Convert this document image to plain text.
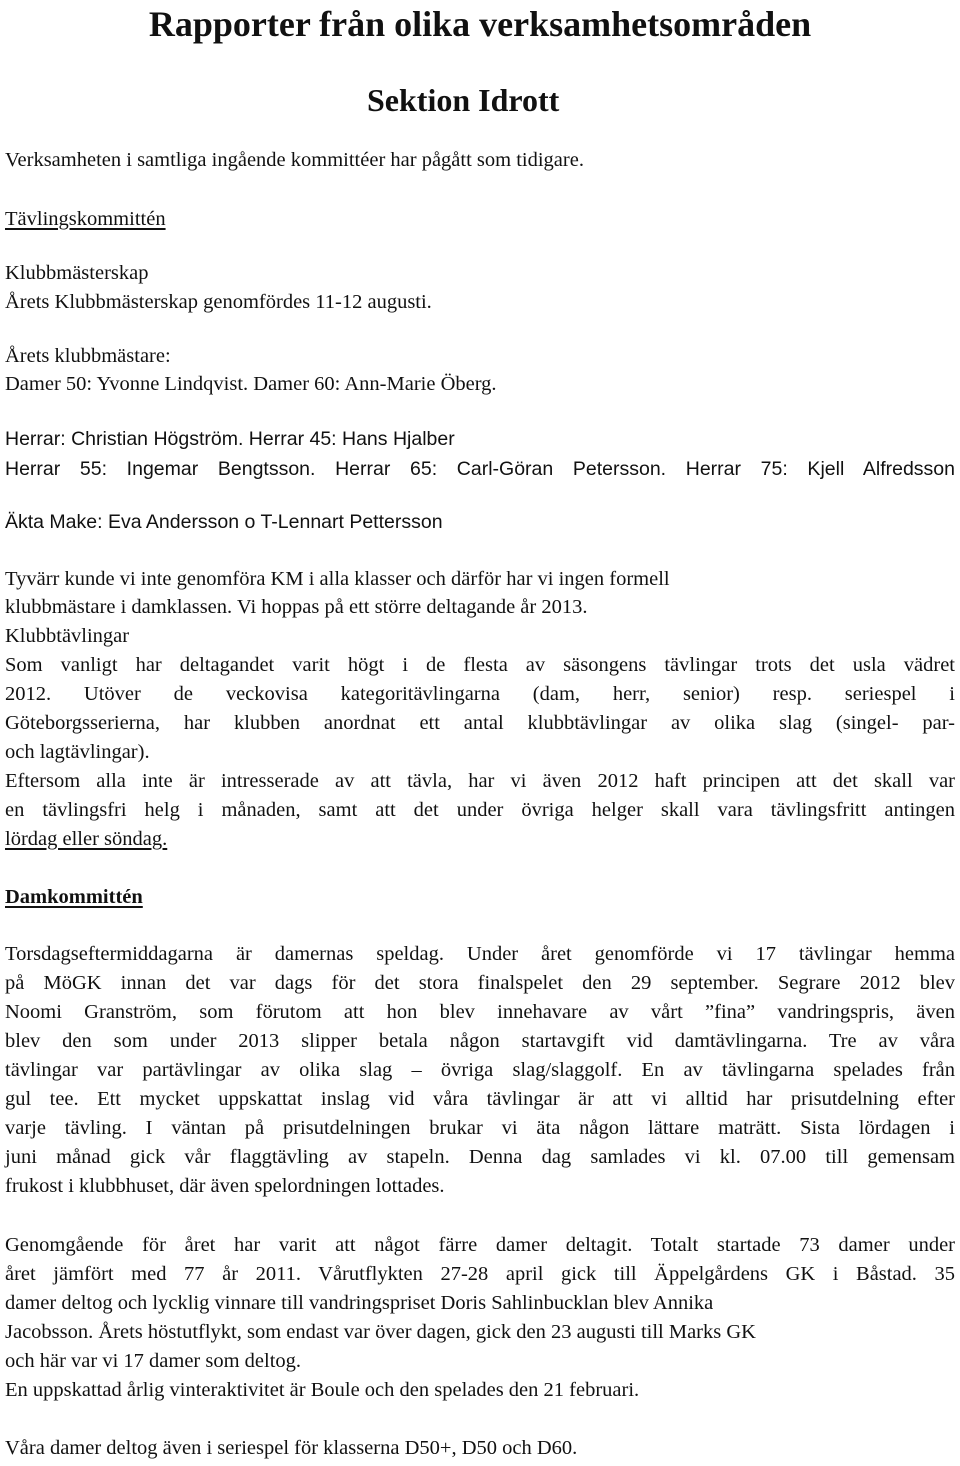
Rapporter från olika verksamhetsområden
Sektion Idrott
Verksamheten i samtliga ingående kommittéer har pågått som tidigare.
Tävlingskommittén
Klubbmästerskap
Årets Klubbmästerskap genomfördes 11-12 augusti.
Årets klubbmästare:
Damer 50: Yvonne Lindqvist. Damer 60: Ann-Marie Öberg.
Herrar: Christian Högström. Herrar 45: Hans Hjalber
Herrar 55: Ingemar Bengtsson. Herrar 65: Carl-Göran Petersson. Herrar 75: Kjell Alfredsson
Äkta Make: Eva Andersson o T-Lennart Pettersson
Tyvärr kunde vi inte genomföra KM i alla klasser och därför har vi ingen formell
klubbmästare i damklassen. Vi hoppas på ett större deltagande år 2013.
Klubbtävlingar
Som vanligt har deltagandet varit högt i de flesta av säsongens tävlingar trots det usla vädret
2012. Utöver de veckovisa kategoritävlingarna (dam, herr, senior) resp. seriespel i
Göteborgsserierna, har klubben anordnat ett antal klubbtävlingar av olika slag (singel- par-
och lagtävlingar).
Eftersom alla inte är intresserade av att tävla, har vi även 2012 haft principen att det skall var
en tävlingsfri helg i månaden, samt att det under övriga helger skall vara tävlingsfritt antingen
lördag eller söndag.
Damkommittén
Torsdagseftermiddagarna är damernas speldag. Under året genomförde vi 17 tävlingar hemma
på MöGK innan det var dags för det stora finalspelet den 29 september. Segrare 2012 blev
Noomi Granström, som förutom att hon blev innehavare av vårt ”fina” vandringspris, även
blev den som under 2013 slipper betala någon startavgift vid damtävlingarna. Tre av våra
tävlingar var partävlingar av olika slag – övriga slag/slaggolf. En av tävlingarna spelades från
gul tee. Ett mycket uppskattat inslag vid våra tävlingar är att vi alltid har prisutdelning efter
varje tävling. I väntan på prisutdelningen brukar vi äta någon lättare maträtt. Sista lördagen i
juni månad gick vår flaggtävling av stapeln. Denna dag samlades vi kl. 07.00 till gemensam
frukost i klubbhuset, där även spelordningen lottades.
Genomgående för året har varit att något färre damer deltagit. Totalt startade 73 damer under
året jämfört med 77 år 2011. Vårutflykten 27-28 april gick till Äppelgårdens GK i Båstad. 35
damer deltog och lycklig vinnare till vandringspriset Doris Sahlinbucklan blev Annika
Jacobsson. Årets höstutflykt, som endast var över dagen, gick den 23 augusti till Marks GK
och här var vi 17 damer som deltog.
En uppskattad årlig vinteraktivitet är Boule och den spelades den 21 februari.
Våra damer deltog även i seriespel för klasserna D50+, D50 och D60.
